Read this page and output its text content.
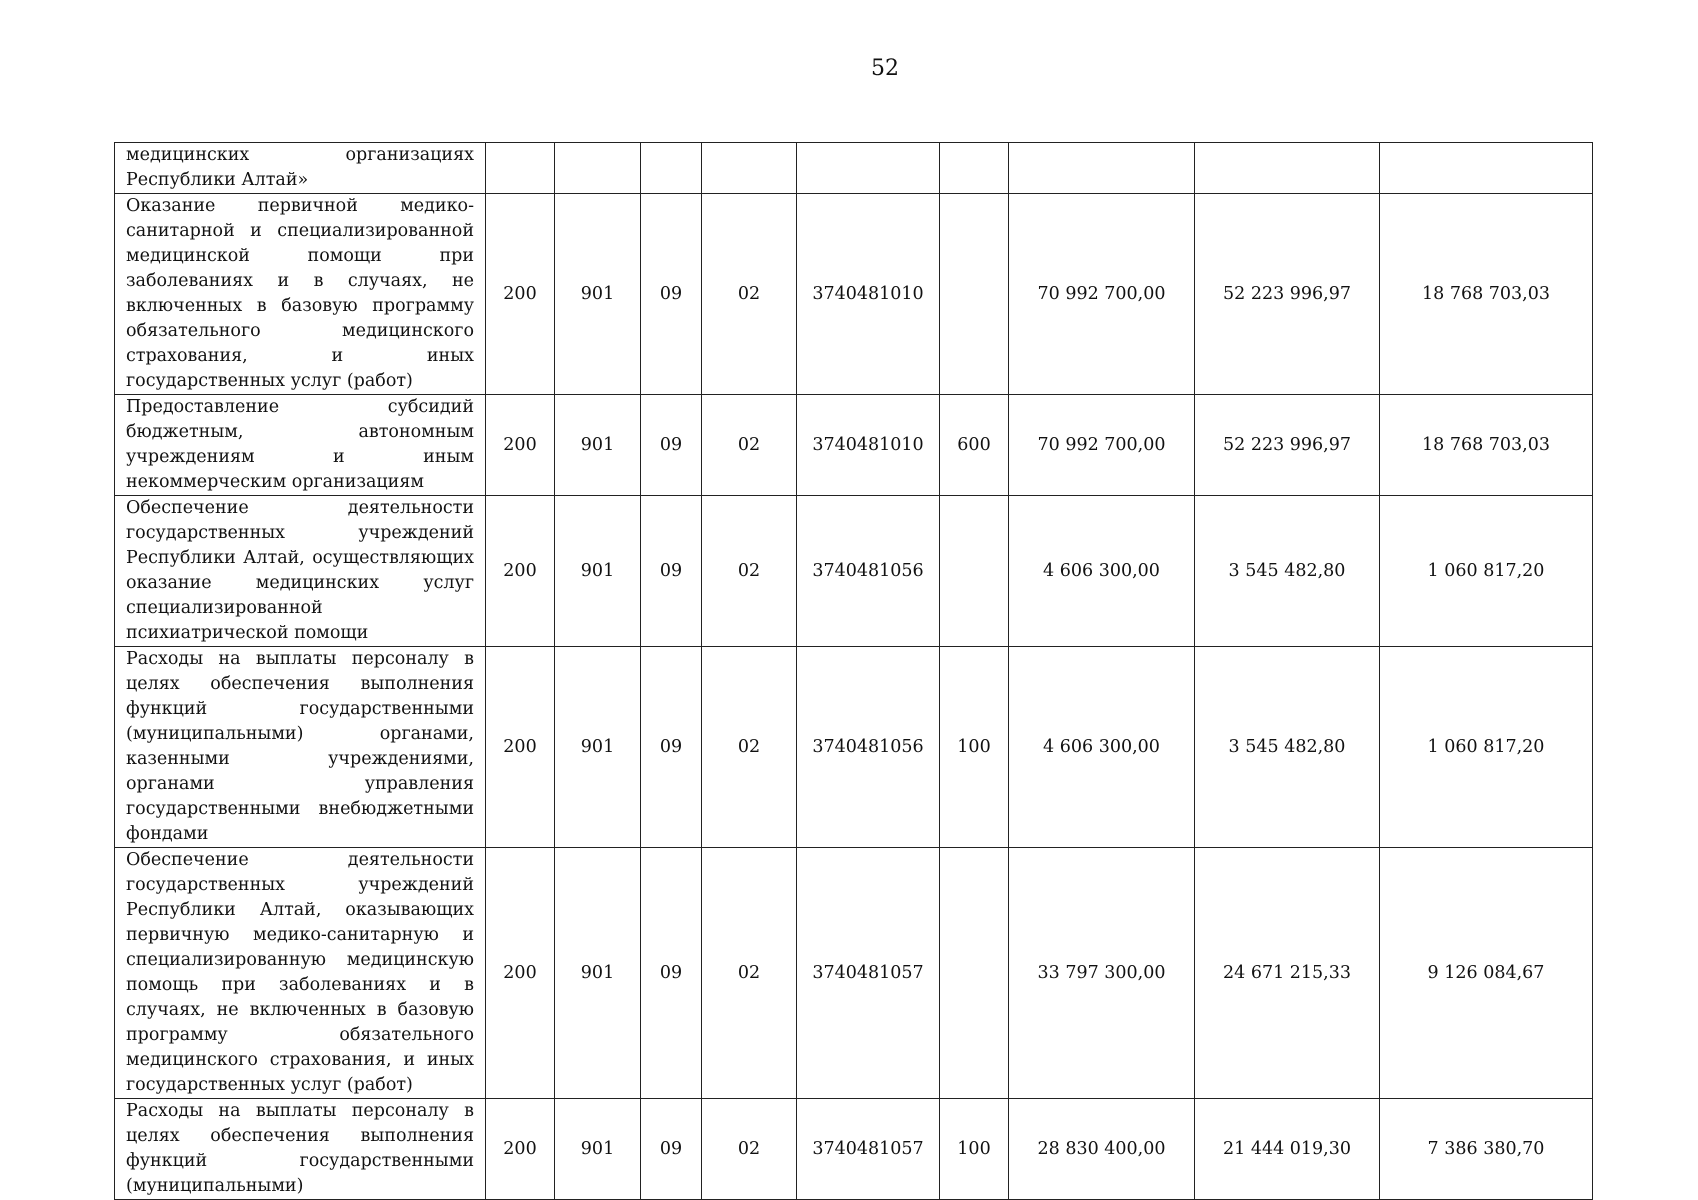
52
медицинских организациях Республики Алтай»									
Оказание первичной медико-санитарной и специализированной медицинской помощи при заболеваниях и в случаях, не включенных в базовую программу обязательного медицинского страхования, и иных государственных услуг (работ)	200	901	09	02	3740481010		70 992 700,00	52 223 996,97	18 768 703,03
Предоставление субсидий бюджетным, автономным учреждениям и иным некоммерческим организациям	200	901	09	02	3740481010	600	70 992 700,00	52 223 996,97	18 768 703,03
Обеспечение деятельности государственных учреждений Республики Алтай, осуществляющих оказание медицинских услуг специализированной психиатрической помощи	200	901	09	02	3740481056		4 606 300,00	3 545 482,80	1 060 817,20
Расходы на выплаты персоналу в целях обеспечения выполнения функций государственными (муниципальными) органами, казенными учреждениями, органами управления государственными внебюджетными фондами	200	901	09	02	3740481056	100	4 606 300,00	3 545 482,80	1 060 817,20
Обеспечение деятельности государственных учреждений Республики Алтай, оказывающих первичную медико-санитарную и специализированную медицинскую помощь при заболеваниях и в случаях, не включенных в базовую программу обязательного медицинского страхования, и иных государственных услуг (работ)	200	901	09	02	3740481057		33 797 300,00	24 671 215,33	9 126 084,67
Расходы на выплаты персоналу в целях обеспечения выполнения функций государственными (муниципальными)	200	901	09	02	3740481057	100	28 830 400,00	21 444 019,30	7 386 380,70
